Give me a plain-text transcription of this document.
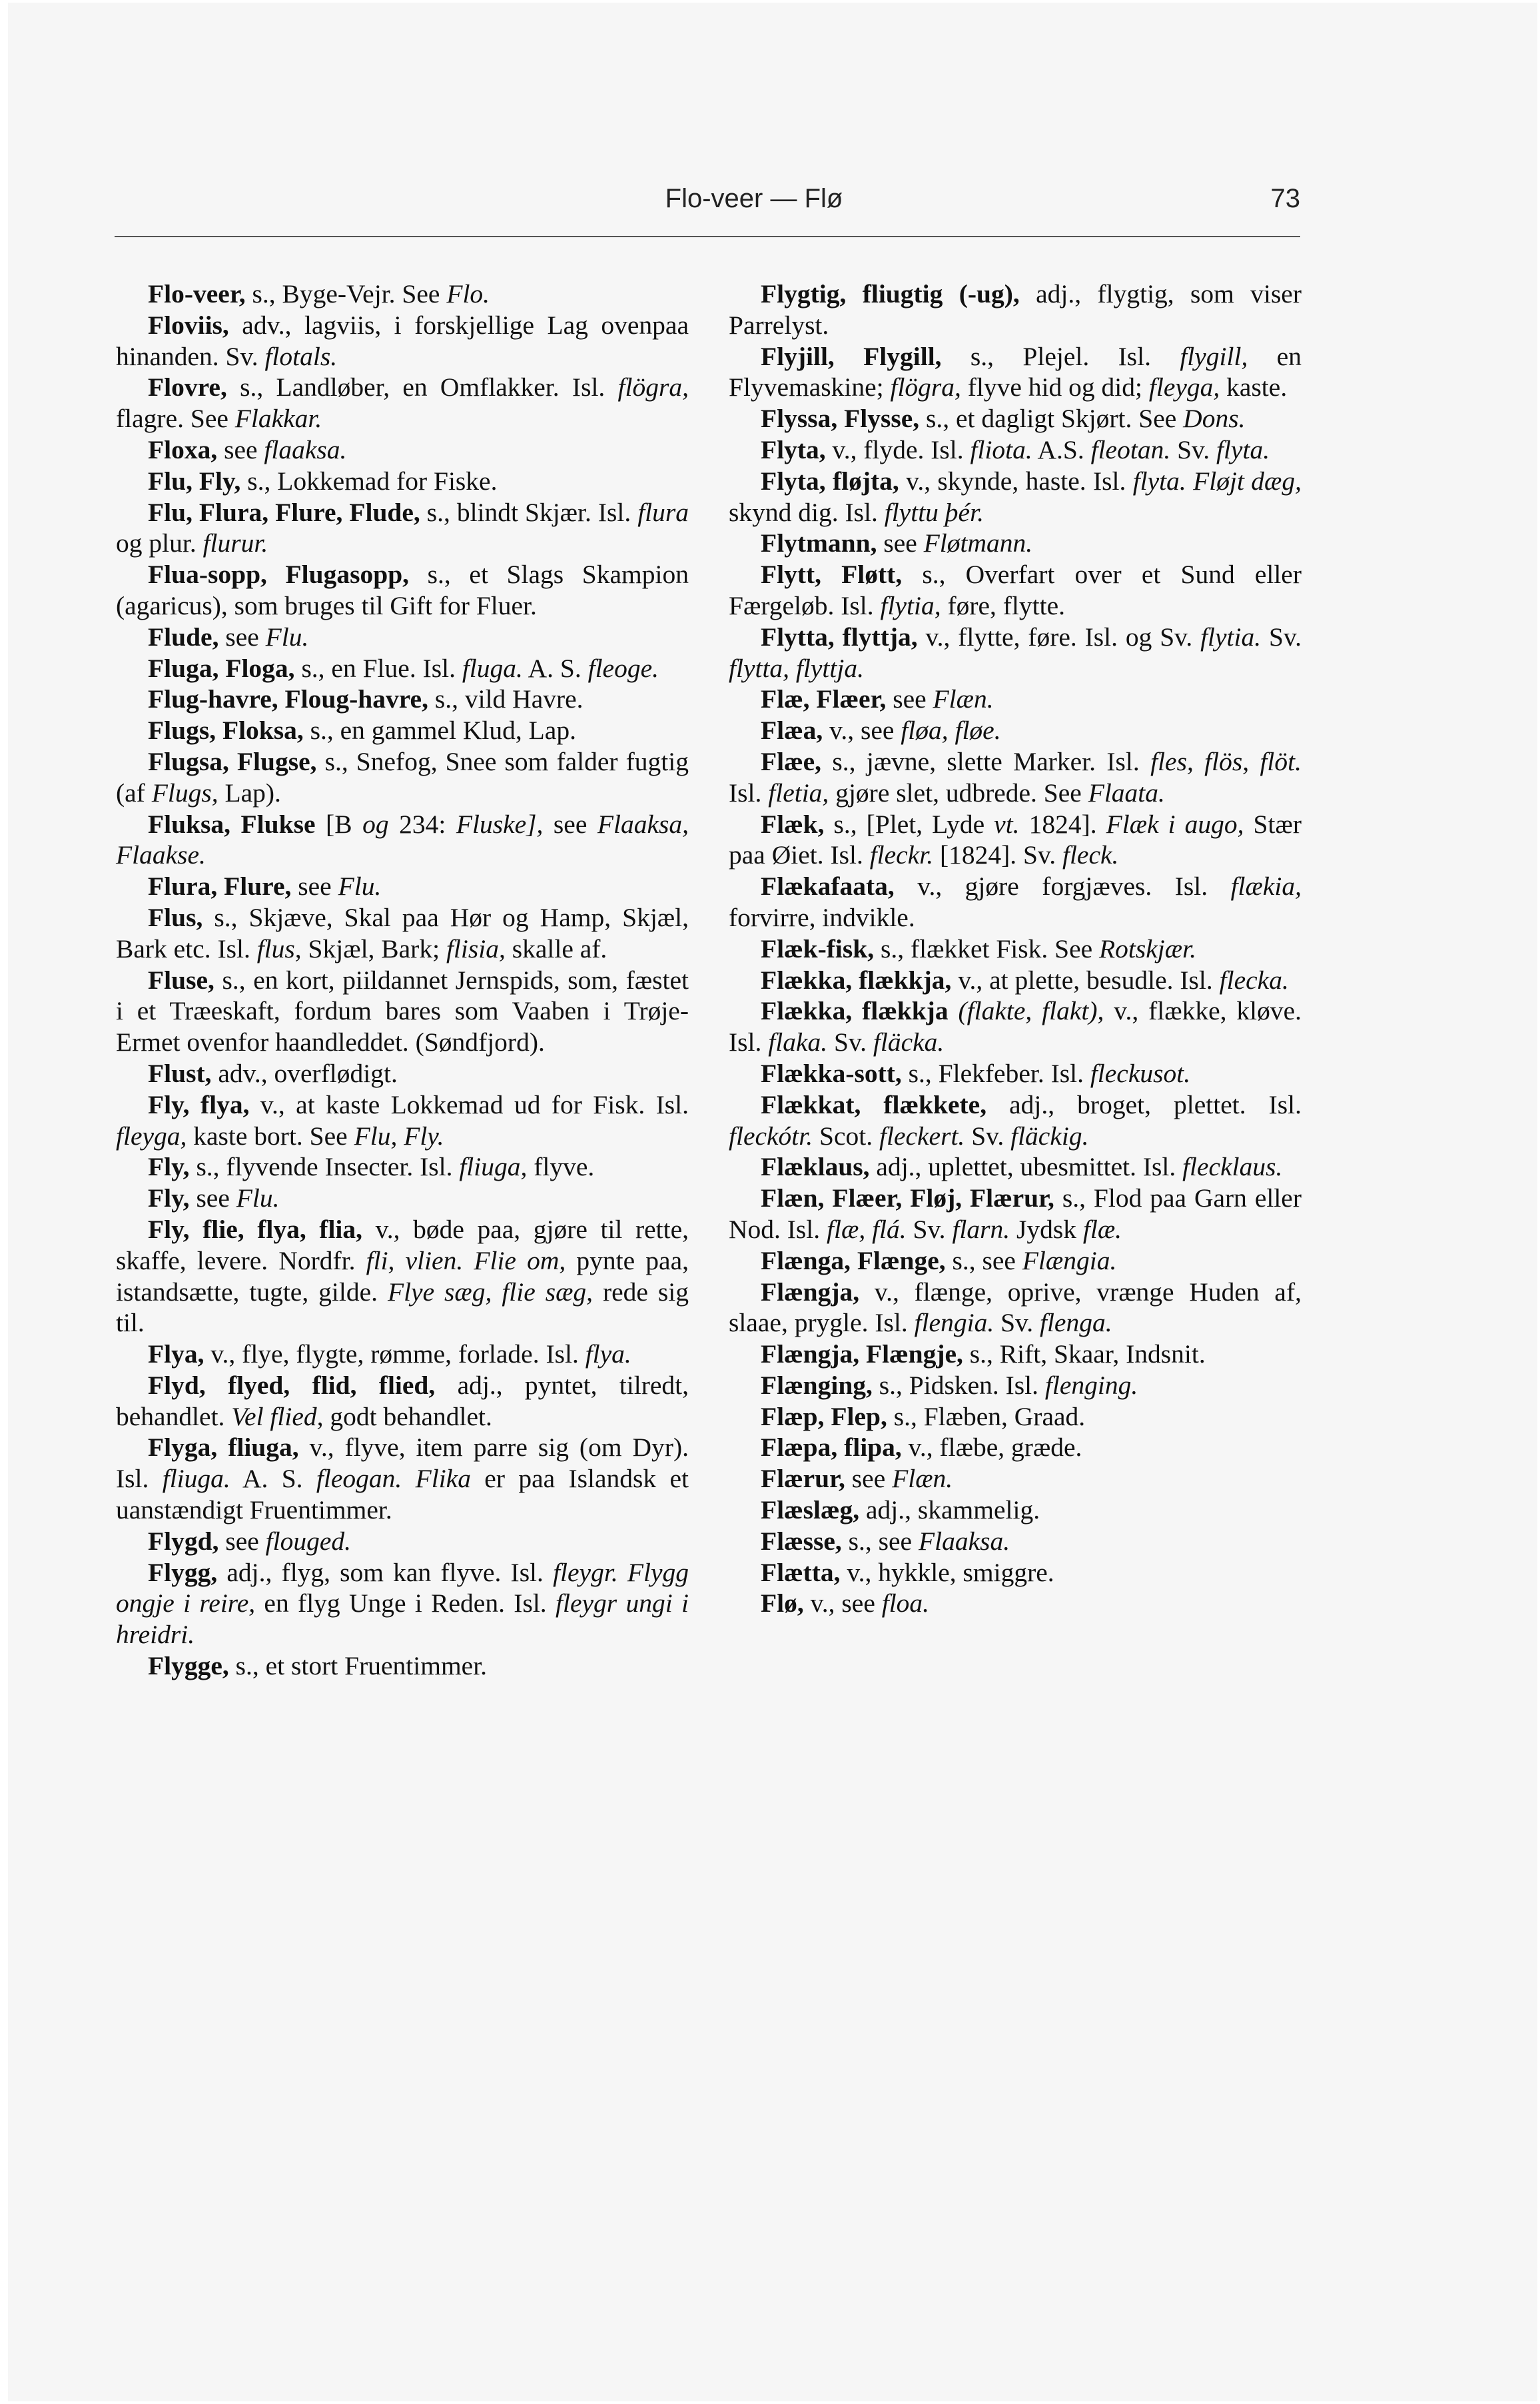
Flo-veer — Flø	73

Flo-veer, s., Byge-Vejr. See Flo.

Floviis, adv., lagviis, i forskjellige Lag ovenpaa hinanden. Sv. flotals.

Flovre, s., Landløber, en Omflakker. Isl. flögra, flagre. See Flakkar.

Floxa, see flaaksa.

Flu, Fly, s., Lokkemad for Fiske.

Flu, Flura, Flure, Flude, s., blindt Skjær. Isl. flura og plur. flurur.

Flua-sopp, Flugasopp, s., et Slags Skampion (agaricus), som bruges til Gift for Fluer.

Flude, see Flu.

Fluga, Floga, s., en Flue. Isl. fluga. A. S. fleoge.

Flug-havre, Floug-havre, s., vild Havre.

Flugs, Floksa, s., en gammel Klud, Lap.

Flugsa, Flugse, s., Snefog, Snee som falder fugtig (af Flugs, Lap).

Fluksa, Flukse [B og 234: Fluske], see Flaaksa, Flaakse.

Flura, Flure, see Flu.

Flus, s., Skjæve, Skal paa Hør og Hamp, Skjæl, Bark etc. Isl. flus, Skjæl, Bark; flisia, skalle af.

Fluse, s., en kort, piildannet Jernspids, som, fæstet i et Træeskaft, fordum bares som Vaaben i Trøje-Ermet ovenfor haandleddet. (Søndfjord).

Flust, adv., overflødigt.

Fly, flya, v., at kaste Lokkemad ud for Fisk. Isl. fleyga, kaste bort. See Flu, Fly.

Fly, s., flyvende Insecter. Isl. fliuga, flyve.

Fly, see Flu.

Fly, flie, flya, flia, v., bøde paa, gjøre til rette, skaffe, levere. Nordfr. fli, vlien. Flie om, pynte paa, istandsætte, tugte, gilde. Flye sæg, flie sæg, rede sig til.

Flya, v., flye, flygte, rømme, forlade. Isl. flya.

Flyd, flyed, flid, flied, adj., pyntet, tilredt, behandlet. Vel flied, godt behandlet.

Flyga, fliuga, v., flyve, item parre sig (om Dyr). Isl. fliuga. A. S. fleogan. Flika er paa Islandsk et uanstændigt Fruentimmer.

Flygd, see flouged.

Flygg, adj., flyg, som kan flyve. Isl. fleygr. Flygg ongje i reire, en flyg Unge i Reden. Isl. fleygr ungi i hreidri.

Flygge, s., et stort Fruentimmer.

Flygtig, fliugtig (-ug), adj., flygtig, som viser Parrelyst.

Flyjill, Flygill, s., Plejel. Isl. flygill, en Flyvemaskine; flögra, flyve hid og did; fleyga, kaste.

Flyssa, Flysse, s., et dagligt Skjørt. See Dons.

Flyta, v., flyde. Isl. fliota. A.S. fleotan. Sv. flyta.

Flyta, fløjta, v., skynde, haste. Isl. flyta. Fløjt dæg, skynd dig. Isl. flyttu þér.

Flytmann, see Fløtmann.

Flytt, Fløtt, s., Overfart over et Sund eller Færgeløb. Isl. flytia, føre, flytte.

Flytta, flyttja, v., flytte, føre. Isl. og Sv. flytia. Sv. flytta, flyttja.

Flæ, Flæer, see Flæn.

Flæa, v., see fløa, fløe.

Flæe, s., jævne, slette Marker. Isl. fles, flös, flöt. Isl. fletia, gjøre slet, udbrede. See Flaata.

Flæk, s., [Plet, Lyde vt. 1824]. Flæk i augo, Stær paa Øiet. Isl. fleckr. [1824]. Sv. fleck.

Flækafaata, v., gjøre forgjæves. Isl. flækia, forvirre, indvikle.

Flæk-fisk, s., flækket Fisk. See Rotskjær.

Flækka, flækkja, v., at plette, besudle. Isl. flecka.

Flækka, flækkja (flakte, flakt), v., flække, kløve. Isl. flaka. Sv. fläcka.

Flækka-sott, s., Flekfeber. Isl. fleckusot.

Flækkat, flækkete, adj., broget, plettet. Isl. fleckótr. Scot. fleckert. Sv. fläckig.

Flæklaus, adj., uplettet, ubesmittet. Isl. flecklaus.

Flæn, Flæer, Fløj, Flærur, s., Flod paa Garn eller Nod. Isl. flæ, flá. Sv. flarn. Jydsk flæ.

Flænga, Flænge, s., see Flængia.

Flængja, v., flænge, oprive, vrænge Huden af, slaae, prygle. Isl. flengia. Sv. flenga.

Flængja, Flængje, s., Rift, Skaar, Indsnit.

Flænging, s., Pidsken. Isl. flenging.

Flæp, Flep, s., Flæben, Graad.

Flæpa, flipa, v., flæbe, græde.

Flærur, see Flæn.

Flæslæg, adj., skammelig.

Flæsse, s., see Flaaksa.

Flætta, v., hykkle, smiggre.

Flø, v., see floa.
